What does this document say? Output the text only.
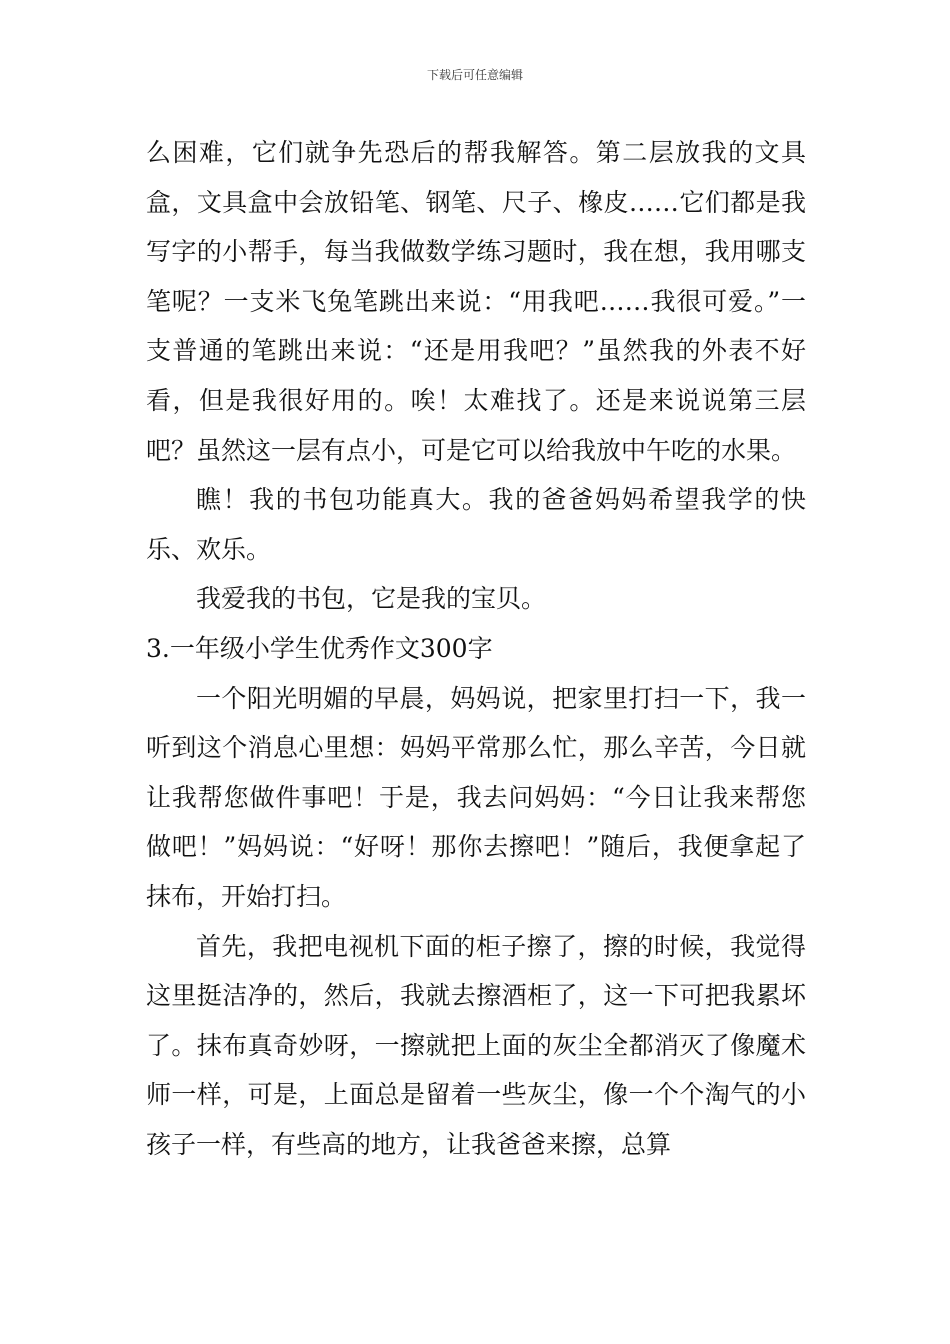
下载后可任意编辑

么困难，它们就争先恐后的帮我解答。第二层放我的文具盒，文具盒中会放铅笔、钢笔、尺子、橡皮……它们都是我写字的小帮手，每当我做数学练习题时，我在想，我用哪支笔呢？一支米飞兔笔跳出来说：“用我吧……我很可爱。”一支普通的笔跳出来说：“还是用我吧？”虽然我的外表不好看，但是我很好用的。唉！太难找了。还是来说说第三层吧？虽然这一层有点小，可是它可以给我放中午吃的水果。

瞧！我的书包功能真大。我的爸爸妈妈希望我学的快乐、欢乐。

我爱我的书包，它是我的宝贝。

3.一年级小学生优秀作文300字

一个阳光明媚的早晨，妈妈说，把家里打扫一下，我一听到这个消息心里想：妈妈平常那么忙，那么辛苦，今日就让我帮您做件事吧！于是，我去问妈妈：“今日让我来帮您做吧！”妈妈说：“好呀！那你去擦吧！”随后，我便拿起了抹布，开始打扫。

首先，我把电视机下面的柜子擦了，擦的时候，我觉得这里挺洁净的，然后，我就去擦酒柜了，这一下可把我累坏了。抹布真奇妙呀，一擦就把上面的灰尘全都消灭了像魔术师一样，可是，上面总是留着一些灰尘，像一个个淘气的小孩子一样，有些高的地方，让我爸爸来擦，总算
